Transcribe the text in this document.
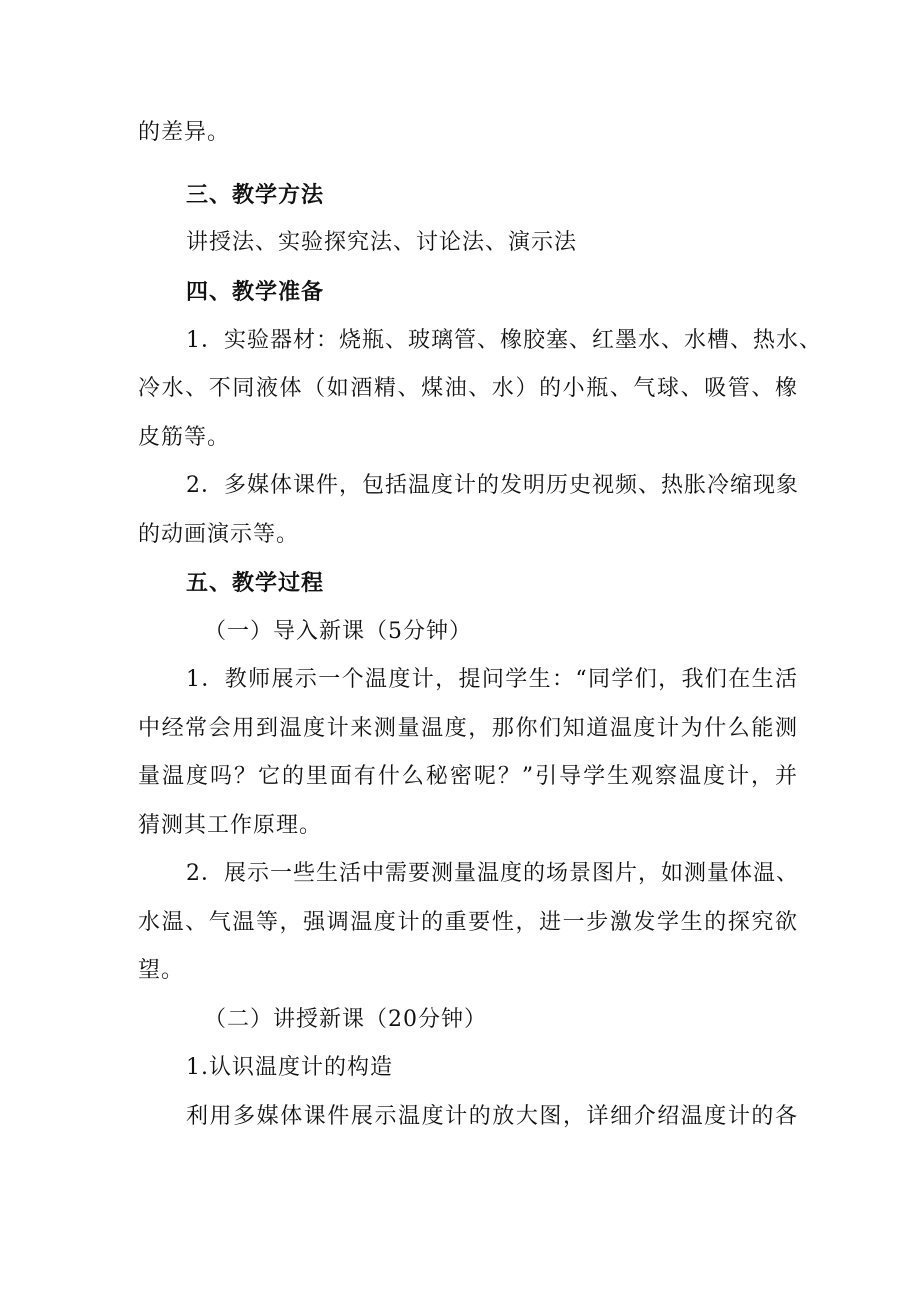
的差异。
三、教学方法
讲授法、实验探究法、讨论法、演示法
四、教学准备
1．实验器材：烧瓶、玻璃管、橡胶塞、红墨水、水槽、热水、
冷水、不同液体（如酒精、煤油、水）的小瓶、气球、吸管、橡
皮筋等。
2．多媒体课件，包括温度计的发明历史视频、热胀冷缩现象
的动画演示等。
五、教学过程
（一）导入新课（5分钟）
1．教师展示一个温度计，提问学生：“同学们，我们在生活
中经常会用到温度计来测量温度，那你们知道温度计为什么能测
量温度吗？它的里面有什么秘密呢？”引导学生观察温度计，并
猜测其工作原理。
2．展示一些生活中需要测量温度的场景图片，如测量体温、
水温、气温等，强调温度计的重要性，进一步激发学生的探究欲
望。
（二）讲授新课（20分钟）
1.认识温度计的构造
利用多媒体课件展示温度计的放大图，详细介绍温度计的各
